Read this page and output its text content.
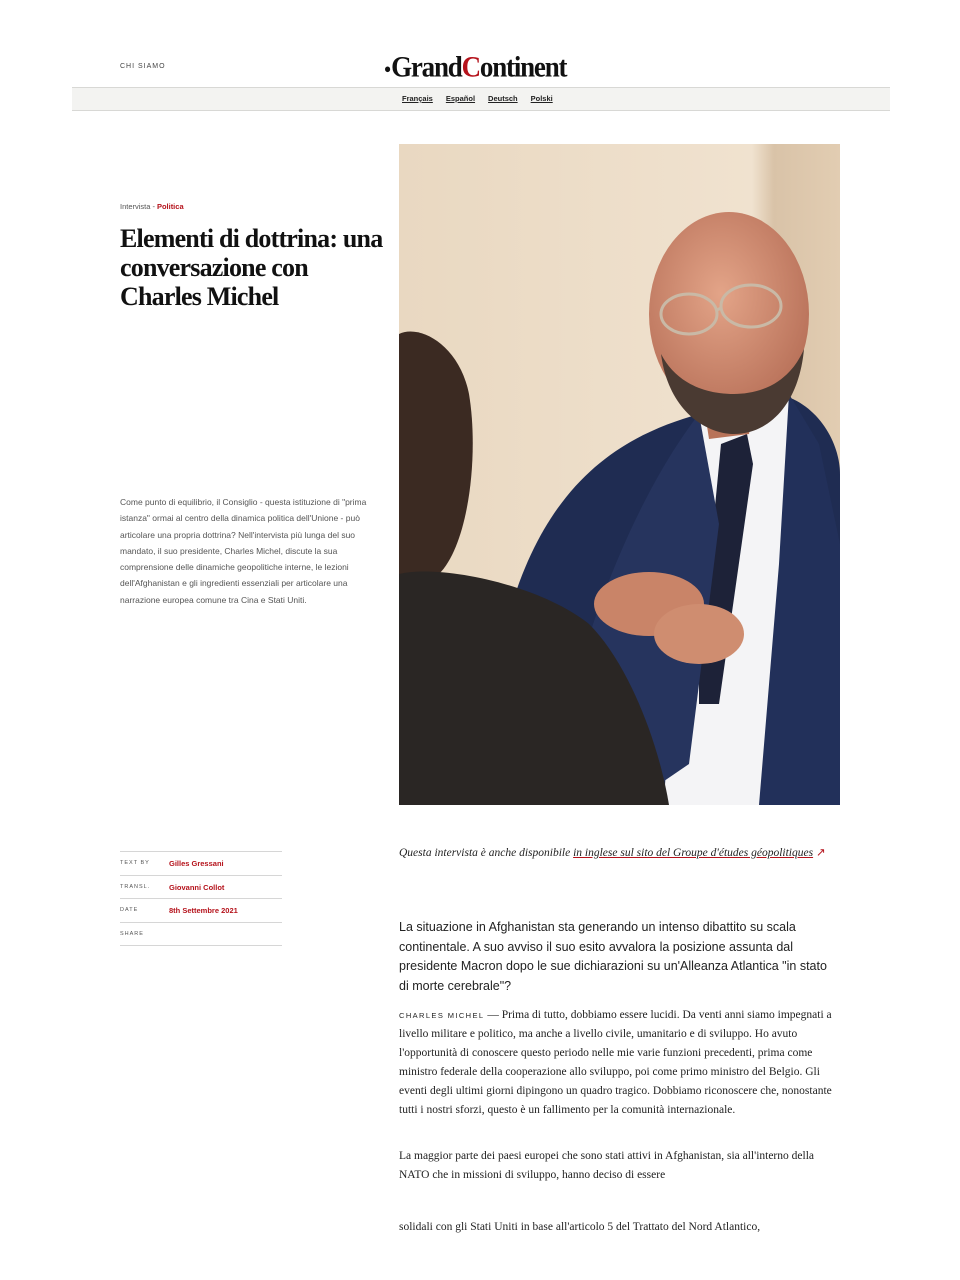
CHI SIAMO	●GrandContinent
Français Español Deutsch Polski
Intervista - Politica
Elementi di dottrina: una conversazione con Charles Michel

Come punto di equilibrio, il Consiglio - questa istituzione di "prima istanza" ormai al centro della dinamica politica dell'Unione - può articolare una propria dottrina? Nell'intervista più lunga del suo mandato, il suo presidente, Charles Michel, discute la sua comprensione delle dinamiche geopolitiche interne, le lezioni dell'Afghanistan e gli ingredienti essenziali per articolare una narrazione europea comune tra Cina e Stati Uniti.

TEXT BY	Gilles Gressani
TRANSL.	Giovanni Collot
DATE	8th Settembre 2021
SHARE

Questa intervista è anche disponibile in inglese sul sito del Groupe d'études géopolitiques ↗

La situazione in Afghanistan sta generando un intenso dibattito su scala continentale. A suo avviso il suo esito avvalora la posizione assunta dal presidente Macron dopo le sue dichiarazioni su un'Alleanza Atlantica "in stato di morte cerebrale"?

CHARLES MICHEL — Prima di tutto, dobbiamo essere lucidi. Da venti anni siamo impegnati a livello militare e politico, ma anche a livello civile, umanitario e di sviluppo. Ho avuto l'opportunità di conoscere questo periodo nelle mie varie funzioni precedenti, prima come ministro federale della cooperazione allo sviluppo, poi come primo ministro del Belgio. Gli eventi degli ultimi giorni dipingono un quadro tragico. Dobbiamo riconoscere che, nonostante tutti i nostri sforzi, questo è un fallimento per la comunità internazionale.

La maggior parte dei paesi europei che sono stati attivi in Afghanistan, sia all'interno della NATO che in missioni di sviluppo, hanno deciso di essere

solidali con gli Stati Uniti in base all'articolo 5 del Trattato del Nord Atlantico,
